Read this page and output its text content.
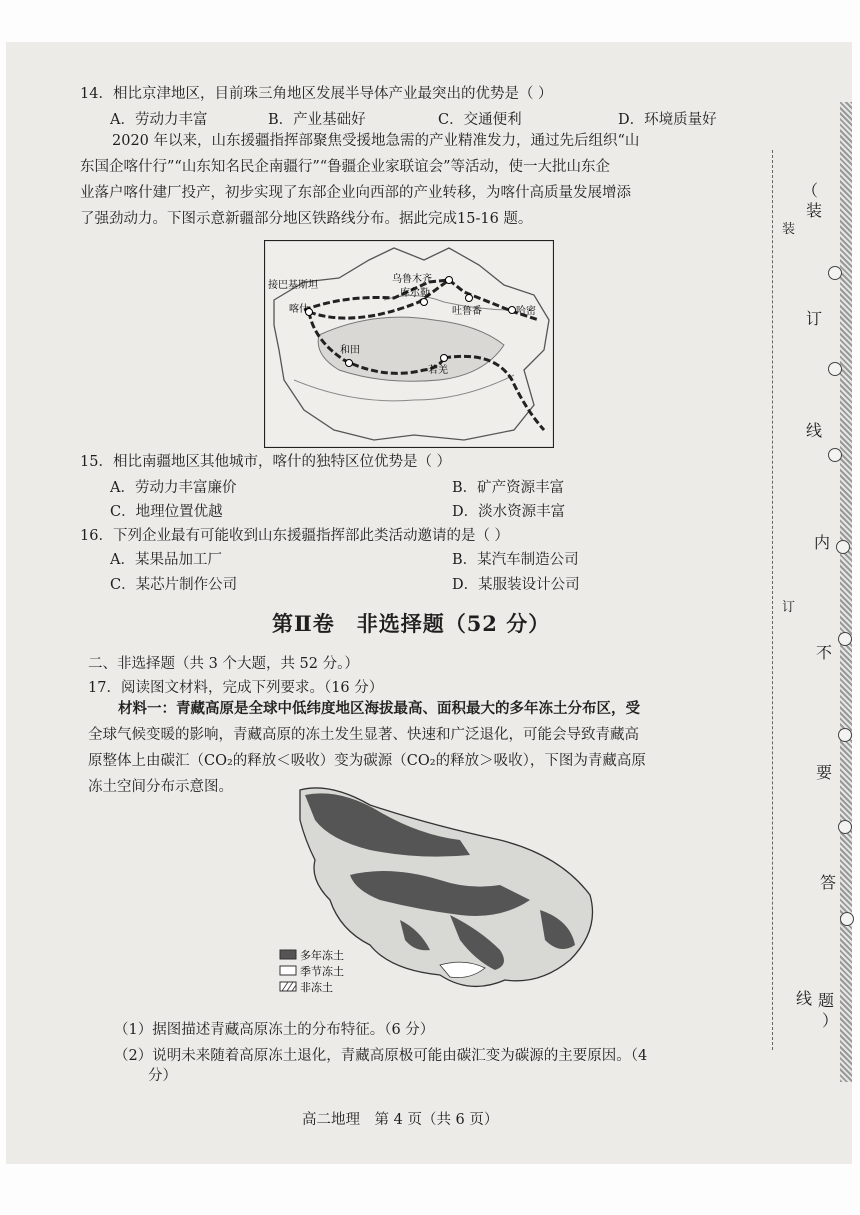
14．相比京津地区，目前珠三角地区发展半导体产业最突出的优势是（ ）
A．劳动力丰富	B．产业基础好	C．交通便利	D．环境质量好
2020 年以来，山东援疆指挥部聚焦受援地急需的产业精准发力，通过先后组织“山
东国企喀什行”“山东知名民企南疆行”“鲁疆企业家联谊会”等活动，使一大批山东企
业落户喀什建厂投产，初步实现了东部企业向西部的产业转移，为喀什高质量发展增添
了强劲动力。下图示意新疆部分地区铁路线分布。据此完成15-16 题。
接巴基斯坦
喀什
乌鲁木齐
库尔勒
吐鲁番	哈密
和田
若羌
15．相比南疆地区其他城市，喀什的独特区位优势是（ ）
A．劳动力丰富廉价	B．矿产资源丰富
C．地理位置优越	D．淡水资源丰富
16．下列企业最有可能收到山东援疆指挥部此类活动邀请的是（ ）
A．某果品加工厂	B．某汽车制造公司
C．某芯片制作公司	D．某服装设计公司
第Ⅱ卷　非选择题（52 分）
二、非选择题（共 3 个大题，共 52 分。）
17．阅读图文材料，完成下列要求。（16 分）
材料一：青藏高原是全球中低纬度地区海拔最高、面积最大的多年冻土分布区，受
全球气候变暖的影响，青藏高原的冻土发生显著、快速和广泛退化，可能会导致青藏高
原整体上由碳汇（CO₂的释放＜吸收）变为碳源（CO₂的释放＞吸收），下图为青藏高原
冻土空间分布示意图。
多年冻土
季节冻土
非冻土
（1）据图描述青藏高原冻土的分布特征。（6 分）
（2）说明未来随着高原冻土退化，青藏高原极可能由碳汇变为碳源的主要原因。（4
分）
高二地理　第 4 页（共 6 页）
（
装
装
订
线
内
订
不
要
答
线 题
）
